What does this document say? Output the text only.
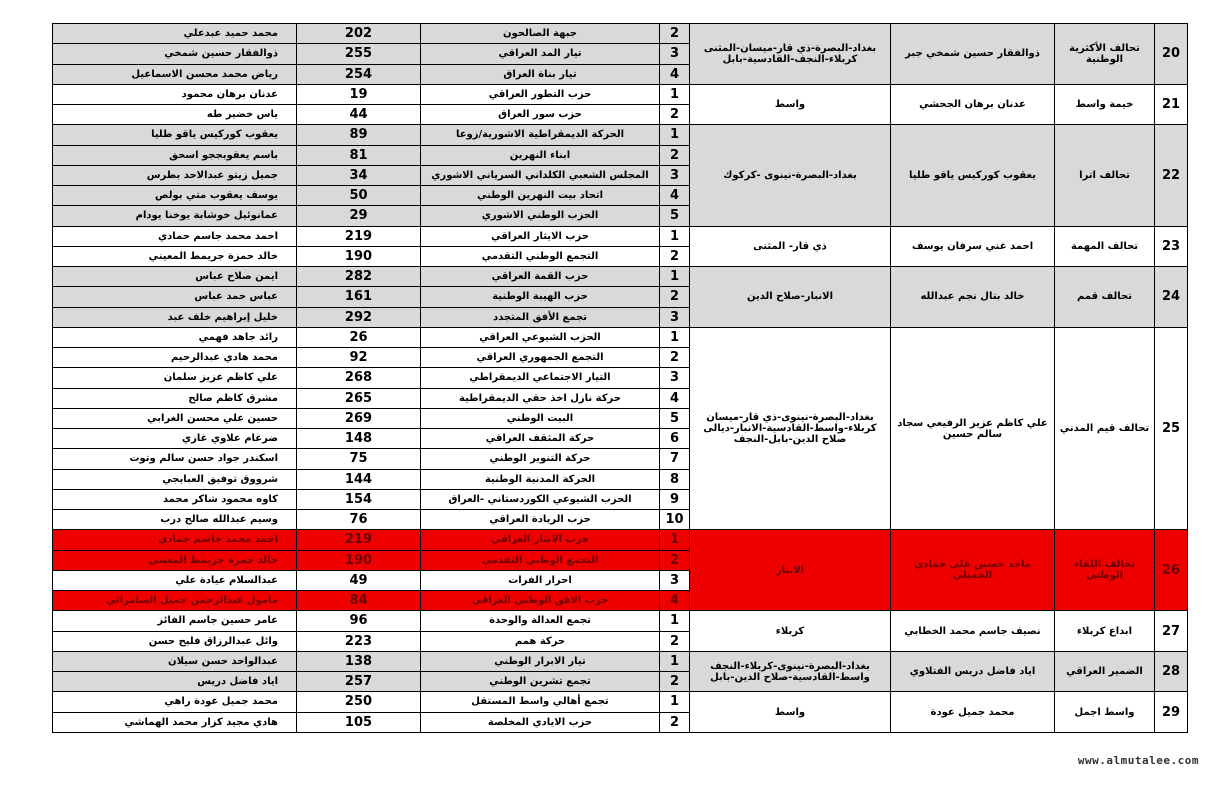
20	تحالف الأكثرية الوطنية	ذوالفقار حسين شمخي جبر	بغداد-البصرة-ذي قار-ميسان-المثنى كربلاء-النجف-القادسية-بابل	2	جبهة الصالحون	202	محمد حميد عبدعلي
				3	تيار المد العراقي	255	ذوالفقار حسين شمخي
				4	تيار بناة العراق	254	رياض محمد محسن الاسماعيل
21	خيمة واسط	عدنان برهان الجحشي	واسط	1	حزب التطور العراقي	19	عدنان برهان محمود
				2	حزب سور العراق	44	ياس خضير طه
22	تحالف اترا	يعقوب كوركيس ياقو طليا	بغداد-البصرة-نينوى -كركوك	1	الحركة الديمقراطية الاشورية/زوعا	89	يعقوب كوركيس ياقو طليا
				2	ابناء النهرين	81	باسم يعقوبججو اسحق
				3	المجلس الشعبي الكلداني السرياني الاشوري	34	جميل زيتو عبدالاحد بطرس
				4	اتحاد بيت النهرين الوطني	50	يوسف يعقوب متي بولص
				5	الحزب الوطني الاشوري	29	عمانوئيل خوشابة يوخنا يودام
23	تحالف المهمة	احمد غني سرفان يوسف	ذي قار- المثنى	1	حزب الايثار العراقي	219	احمد محمد جاسم حمادي
				2	التجمع الوطني التقدمي	190	خالد حمزة جريمط المعيني
24	تحالف قمم	خالد بتال نجم عبدالله	الانبار-صلاح الدين	1	حزب القمة العراقي	282	ايمن صلاح عباس
				2	حزب الهيبة الوطنية	161	عباس حمد عباس
				3	تجمع الأفق المتجدد	292	خليل إبراهيم خلف عبد
25	تحالف قيم المدني	علي كاظم عزيز الرفيعي سجاد سالم حسين	بغداد-البصرة-نينوى-ذي قار-ميسان كربلاء-واسط-القادسية-الانبار-ديالى صلاح الدين-بابل-النجف	1	الحزب الشيوعي العراقي	26	رائد جاهد فهمي
				2	التجمع الجمهوري العراقي	92	محمد هادي عبدالرحيم
				3	التيار الاجتماعي الديمقراطي	268	علي كاظم عزيز سلمان
				4	حركة نازل اخذ حقي الديمقراطية	265	مشرق كاظم صالح
				5	البيت الوطني	269	حسين علي محسن الغرابي
				6	حركة المثقف العراقي	148	ضرغام علاوي غازي
				7	حركة التنوير الوطني	75	اسكندر جواد حسن سالم وتوت
				8	الحركة المدنية الوطنية	144	شرووق توفيق العبايجي
				9	الحزب الشيوعي الكوردستاني -العراق	154	كاوه محمود شاكر محمد
				10	حزب الريادة العراقي	76	وسيم عبدالله صالح درب
26	تحالف اللقاء الوطني	ماجد حسين علي حمادي الجميلي	الانبار	1	حزب الايثار العراقي	219	احمد محمد جاسم حمادي
				2	التجمع الوطني التقدمي	190	خالد حمزة جريمط المعيني
				3	احرار الفرات	49	عبدالسلام عيادة علي
				4	حزب الافق الوطني العراقي	84	مامول عبدالرحمن جميل السامرائي
27	ابداع كربلاء	نصيف جاسم محمد الخطابي	كربلاء	1	تجمع العدالة والوحدة	96	عامر حسين جاسم الفائز
				2	حركة همم	223	وائل عبدالرزاق فليح حسن
28	الضمير العراقي	اياد فاضل دريس الفتلاوي	بغداد-البصرة-نينوى-كربلاء-النجف واسط-القادسية-صلاح الدين-بابل	1	تيار الابرار الوطني	138	عبدالواحد حسن سيلان
				2	تجمع تشرين الوطني	257	اياد فاضل دريس
29	واسط اجمل	محمد جميل عودة	واسط	1	تجمع أهالي واسط المستقل	250	محمد جميل عودة راهي
				2	حزب الايادي المخلصة	105	هادي مجيد كزار محمد الهماشي
www.almutalee.com
